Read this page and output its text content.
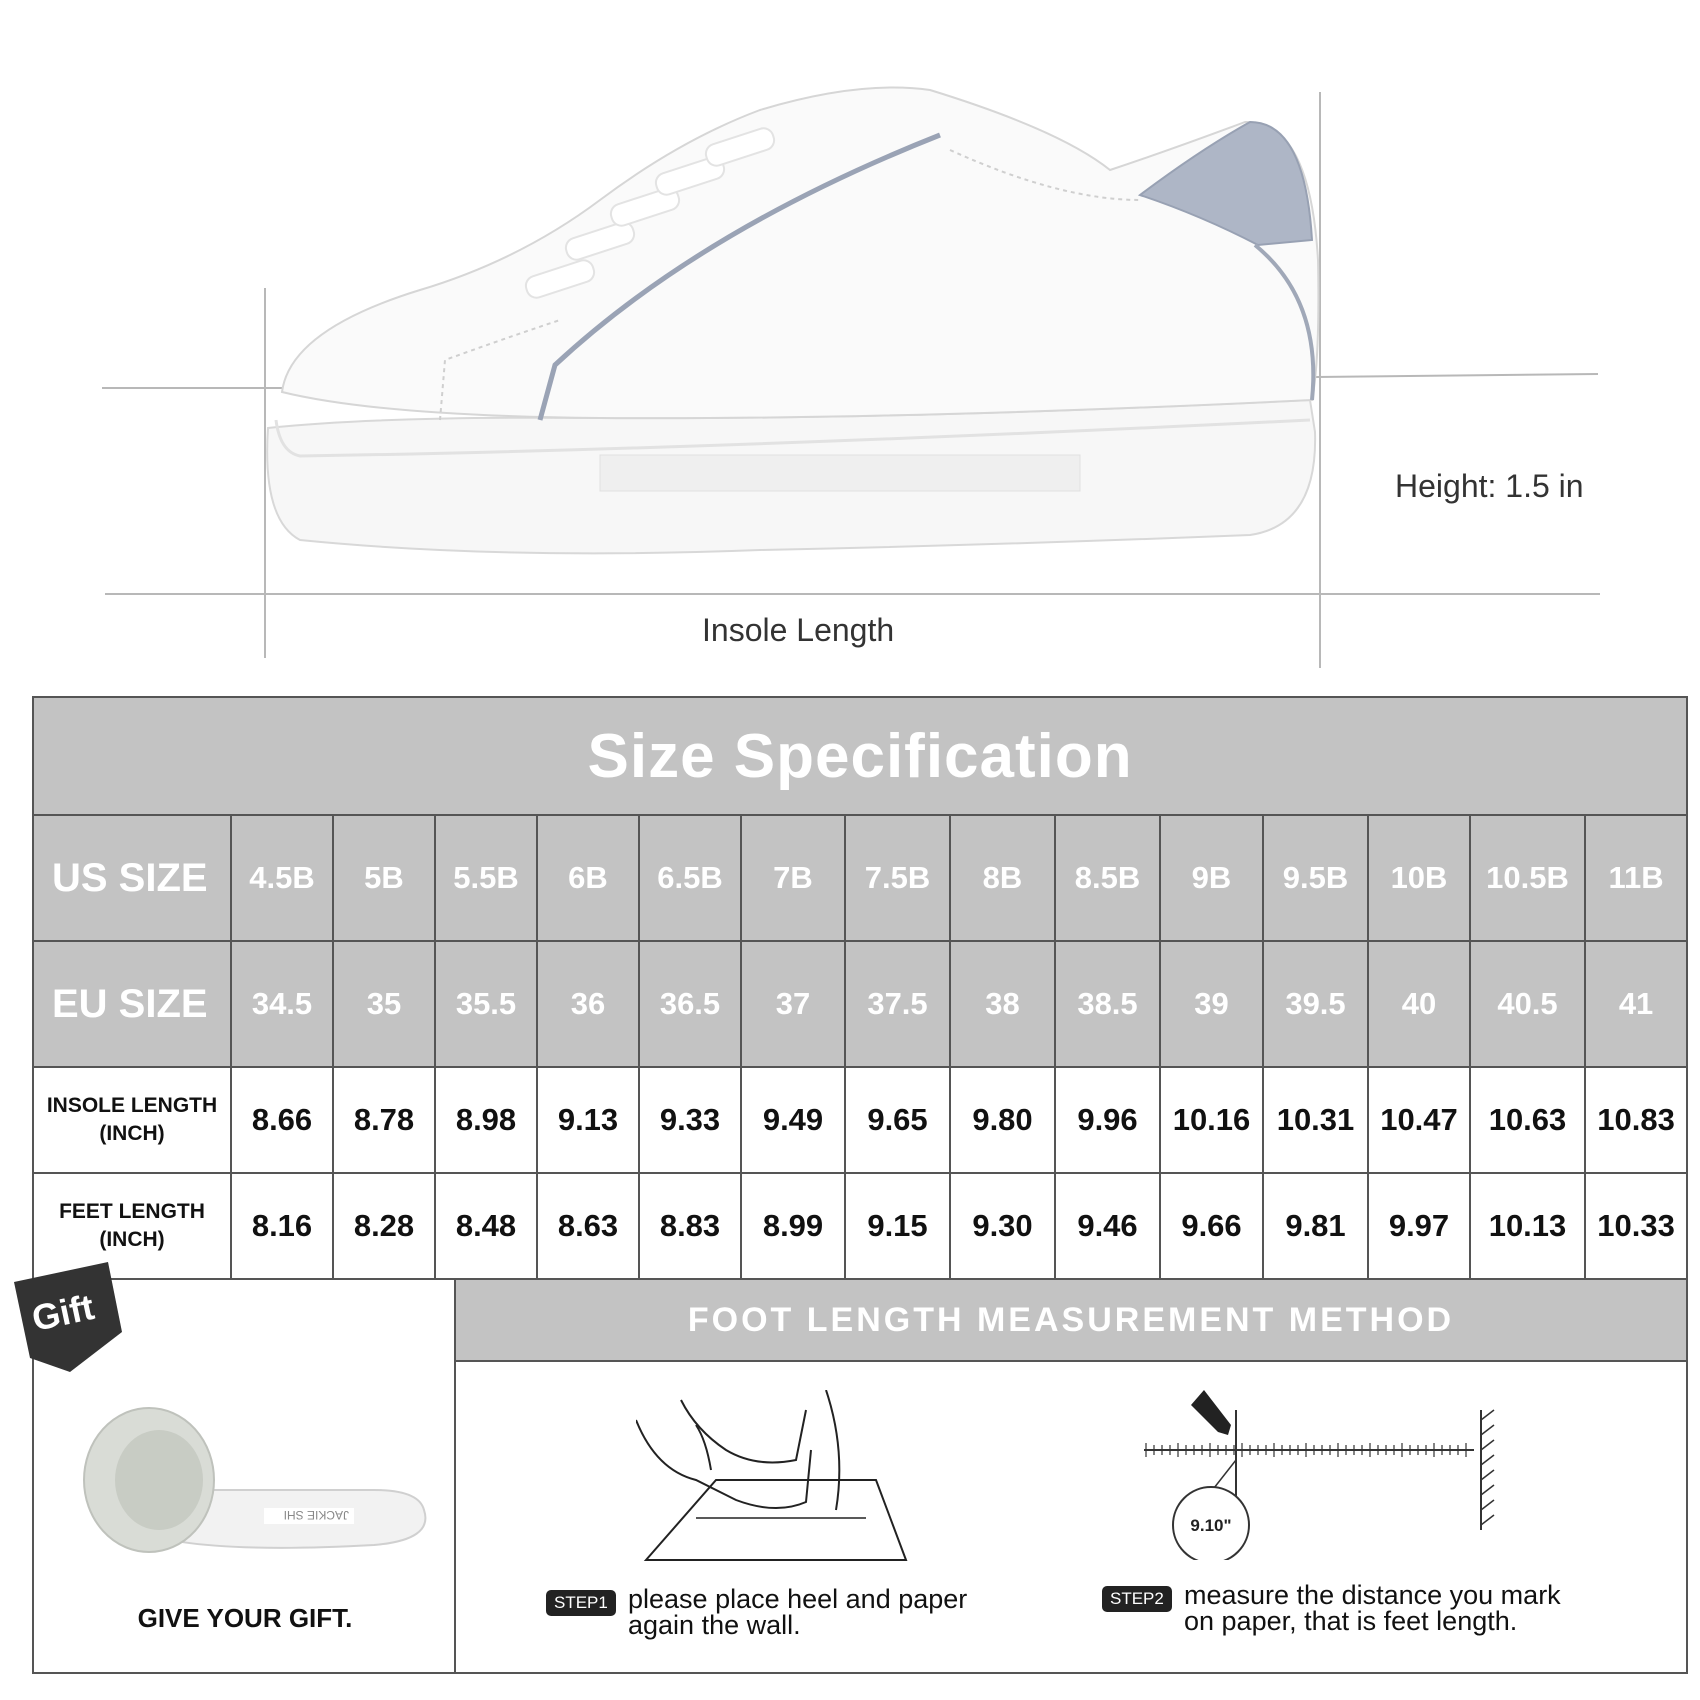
Height: 1.5 in
Insole Length
Size Specification														
US SIZE	4.5B	5B	5.5B	6B	6.5B	7B	7.5B	8B	8.5B	9B	9.5B	10B	10.5B	11B
EU SIZE	34.5	35	35.5	36	36.5	37	37.5	38	38.5	39	39.5	40	40.5	41

INSOLE LENGTH
(INCH)	8.66	8.78	8.98	9.13	9.33	9.49	9.65	9.80	9.96	10.16	10.31	10.47	10.63	10.83

FEET LENGTH
(INCH)	8.16	8.28	8.48	8.63	8.83	8.99	9.15	9.30	9.46	9.66	9.81	9.97	10.13	10.33
JACKIE SHI
GIVE YOUR GIFT.
Gift	FOOT LENGTH MEASUREMENT METHOD
STEP1 please place heel and paper
again the wall.
9.10"
STEP2 measure the distance you mark
on paper, that is feet length.
